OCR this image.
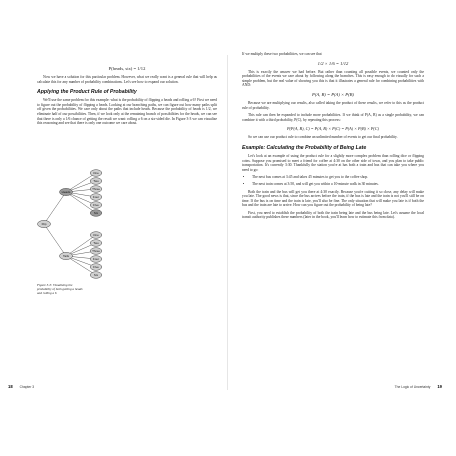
P(heads, six) = 1/12

Now we have a solution for this particular problem. However, what we really want is a general rule that will help us calculate this for any number of probability combinations. Let's see how to expand our solution.

Applying the Product Rule of Probability

We'll use the same problem for this example: what is the probability of flipping a heads and rolling a 6? First we need to figure out the probability of flipping a heads. Looking at our branching paths, we can figure out how many paths split off given the probabilities. We care only about the paths that include heads. Because the probability of heads is 1/2, we eliminate half of our possibilities. Then, if we look only at the remaining branch of possibilities for the heads, we can see that there is only a 1/6 chance of getting the result we want: rolling a 6 on a six-sided die. In Figure 3-3 we can visualize this reasoning and see that there is only one outcome we care about.

Flip
Heads
Tails
One
Two
Three
Four
Five
Six
One
Two
Three
Four
Five
Six
Figure 3-3: Visualizing the probability of both getting a heads and rolling a 6
18 Chapter 3

If we multiply these two probabilities, we can see that

1/2 × 1/6 = 1/12

This is exactly the answer we had before. But rather than counting all possible events, we counted only the probabilities of the events we care about by following along the branches. This is easy enough to do visually for such a simple problem, but the real value of showing you this is that it illustrates a general rule for combining probabilities with AND:

P(A, B) = P(A) × P(B)

Because we are multiplying our results, also called taking the product of these results, we refer to this as the product rule of probability.

This rule can then be expanded to include more probabilities. If we think of P(A, B) as a single probability, we can combine it with a third probability, P(C), by repeating this process:

P(P(A, B), C) = P(A, B) × P(C) = P(A) × P(B) × P(C)

So we can use our product rule to combine an unlimited number of events to get our final probability.

Example: Calculating the Probability of Being Late

Let's look at an example of using the product rule for a slightly more complex problem than rolling dice or flipping coins. Suppose you promised to meet a friend for coffee at 4:30 on the other side of town, and you plan to take public transportation. It's currently 3:30. Thankfully the station you're at has both a train and bus that can take you where you need to go:

• The next bus comes at 3:45 and takes 45 minutes to get you to the coffee shop.
• The next train comes at 3:50, and will get you within a 10-minute walk in 30 minutes.

Both the train and the bus will get you there at 4:30 exactly. Because you're cutting it so close, any delay will make you late. The good news is that, since the bus arrives before the train, if the bus is late and the train is not you'll still be on time. If the bus is on time and the train is late, you'll also be fine. The only situation that will make you late is if both the bus and the train are late to arrive. How can you figure out the probability of being late?

First, you need to establish the probability of both the train being late and the bus being late. Let's assume the local transit authority publishes these numbers (later in the book, you'll learn how to estimate this from data).

The Logic of Uncertainty 19
